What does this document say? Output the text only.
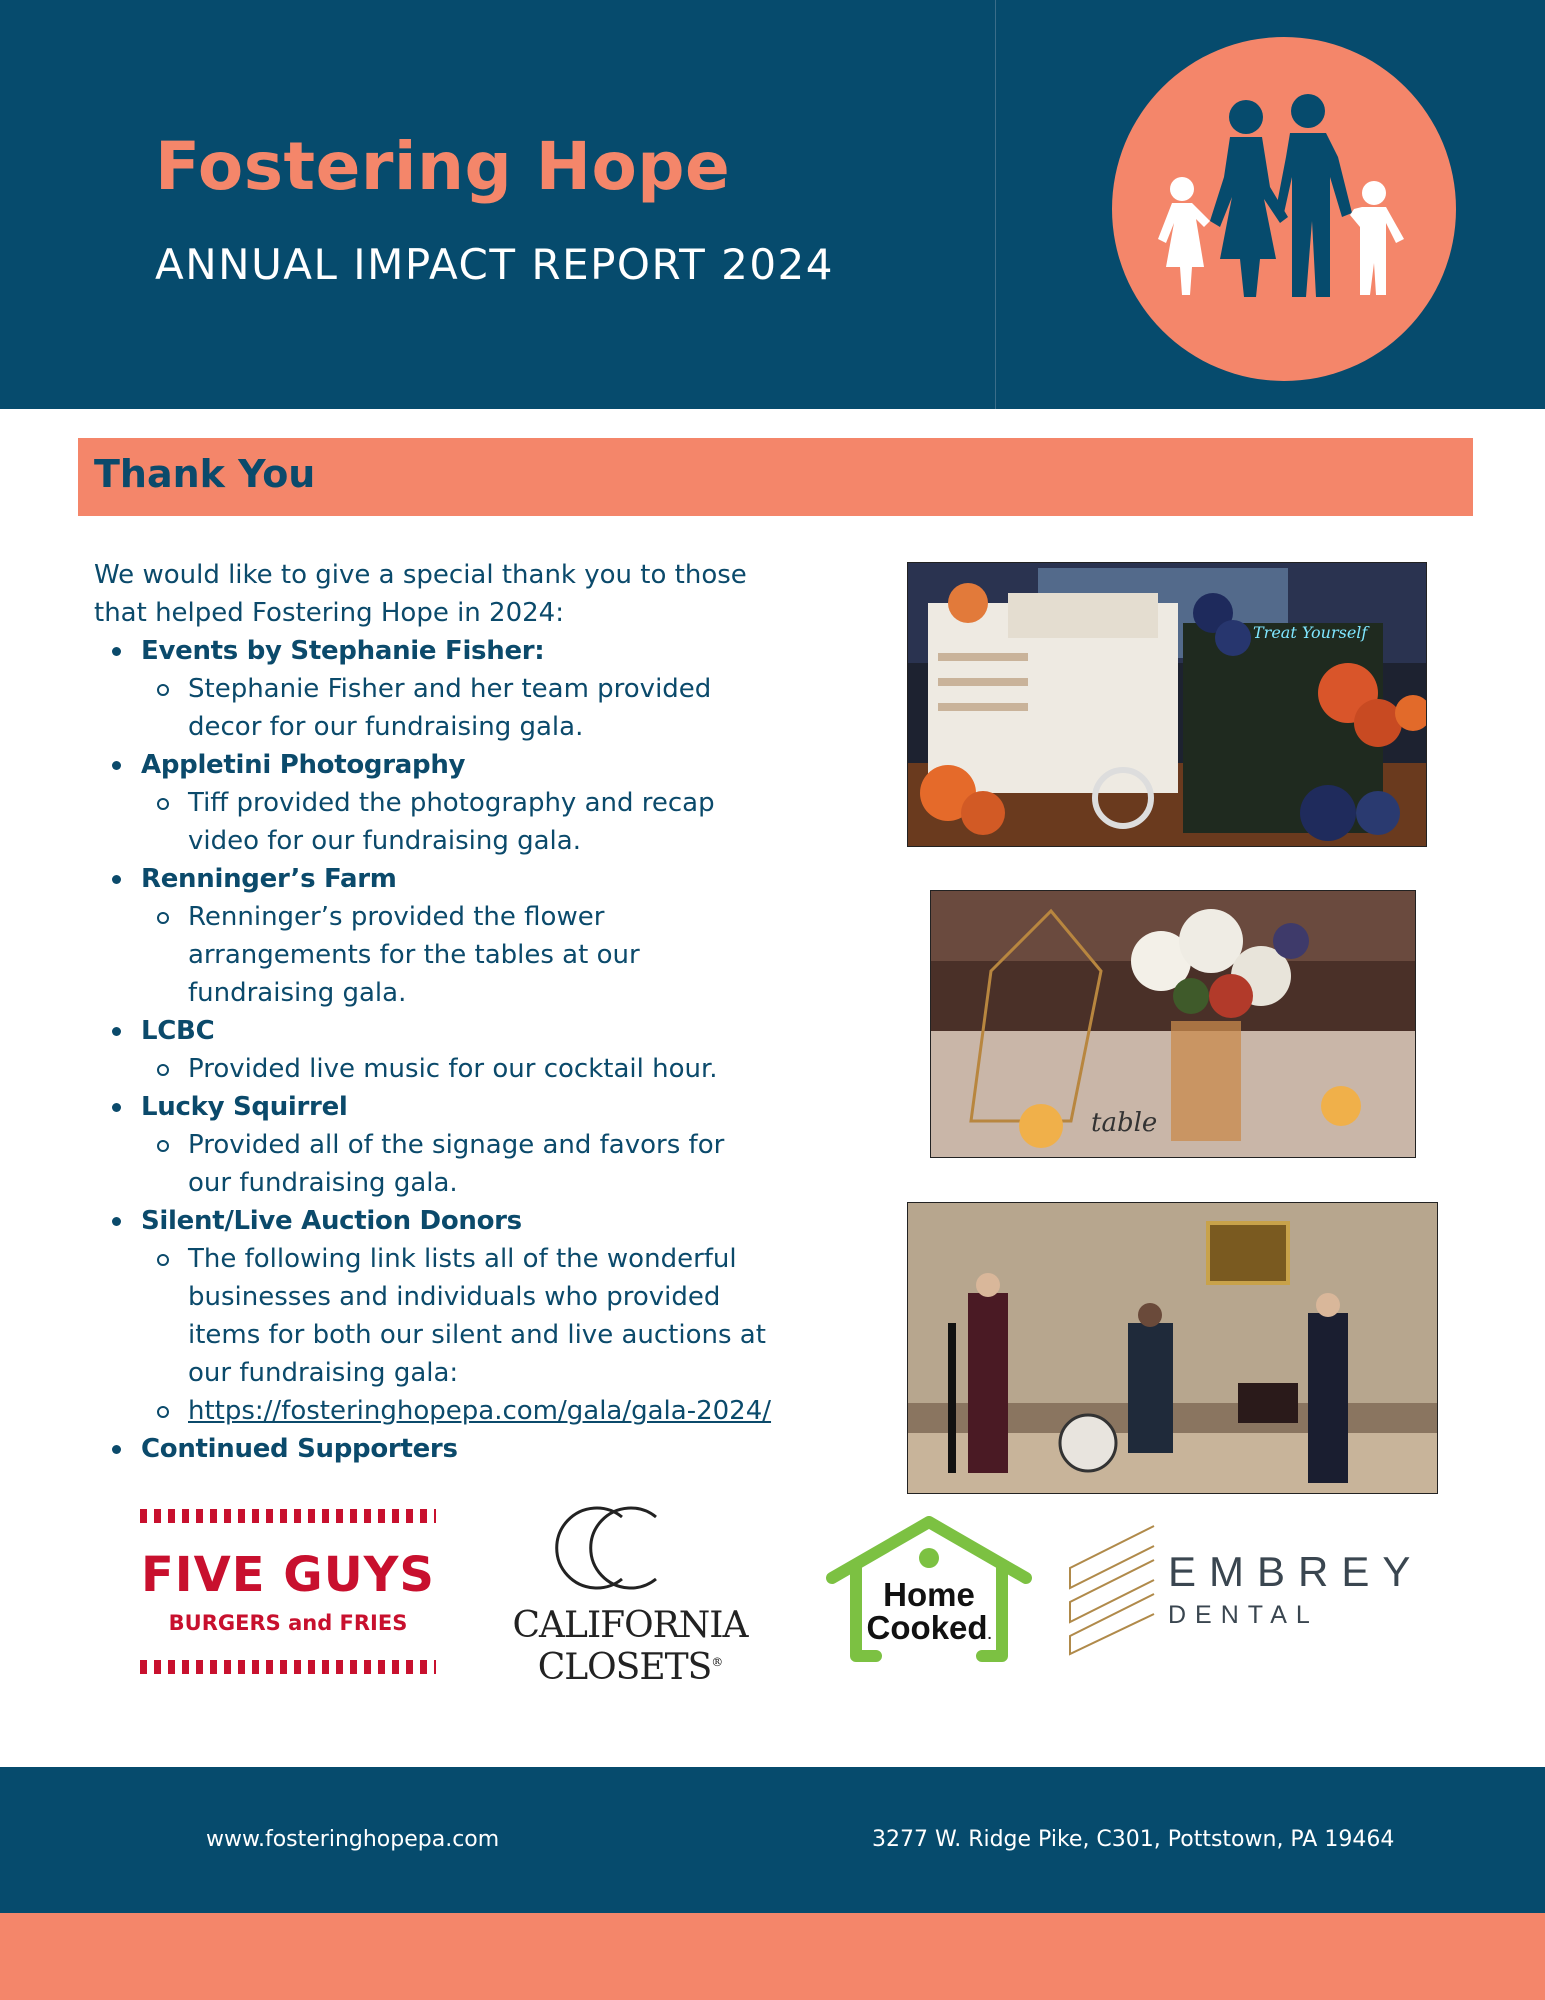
Fostering Hope
ANNUAL IMPACT REPORT 2024
Thank You
We would like to give a special thank you to those that helped Fostering Hope in 2024:
Events by Stephanie Fisher:
Stephanie Fisher and her team provided decor for our fundraising gala.
Appletini Photography
Tiff provided the photography and recap video for our fundraising gala.
Renninger’s Farm
Renninger’s provided the flower arrangements for the tables at our fundraising gala.
LCBC
Provided live music for our cocktail hour.
Lucky Squirrel
Provided all of the signage and favors for our fundraising gala.
Silent/Live Auction Donors
The following link lists all of the wonderful businesses and individuals who provided items for both our silent and live auctions at our fundraising gala:
https://fosteringhopepa.com/gala/gala-2024/
Continued Supporters
Treat Yourself
table
FIVE GUYS
BURGERS and FRIES	CALIFORNIA
CLOSETS®
Home
Cooked.
EMBREY
DENTAL
www.fosteringhopepa.com	3277 W. Ridge Pike, C301, Pottstown, PA 19464
